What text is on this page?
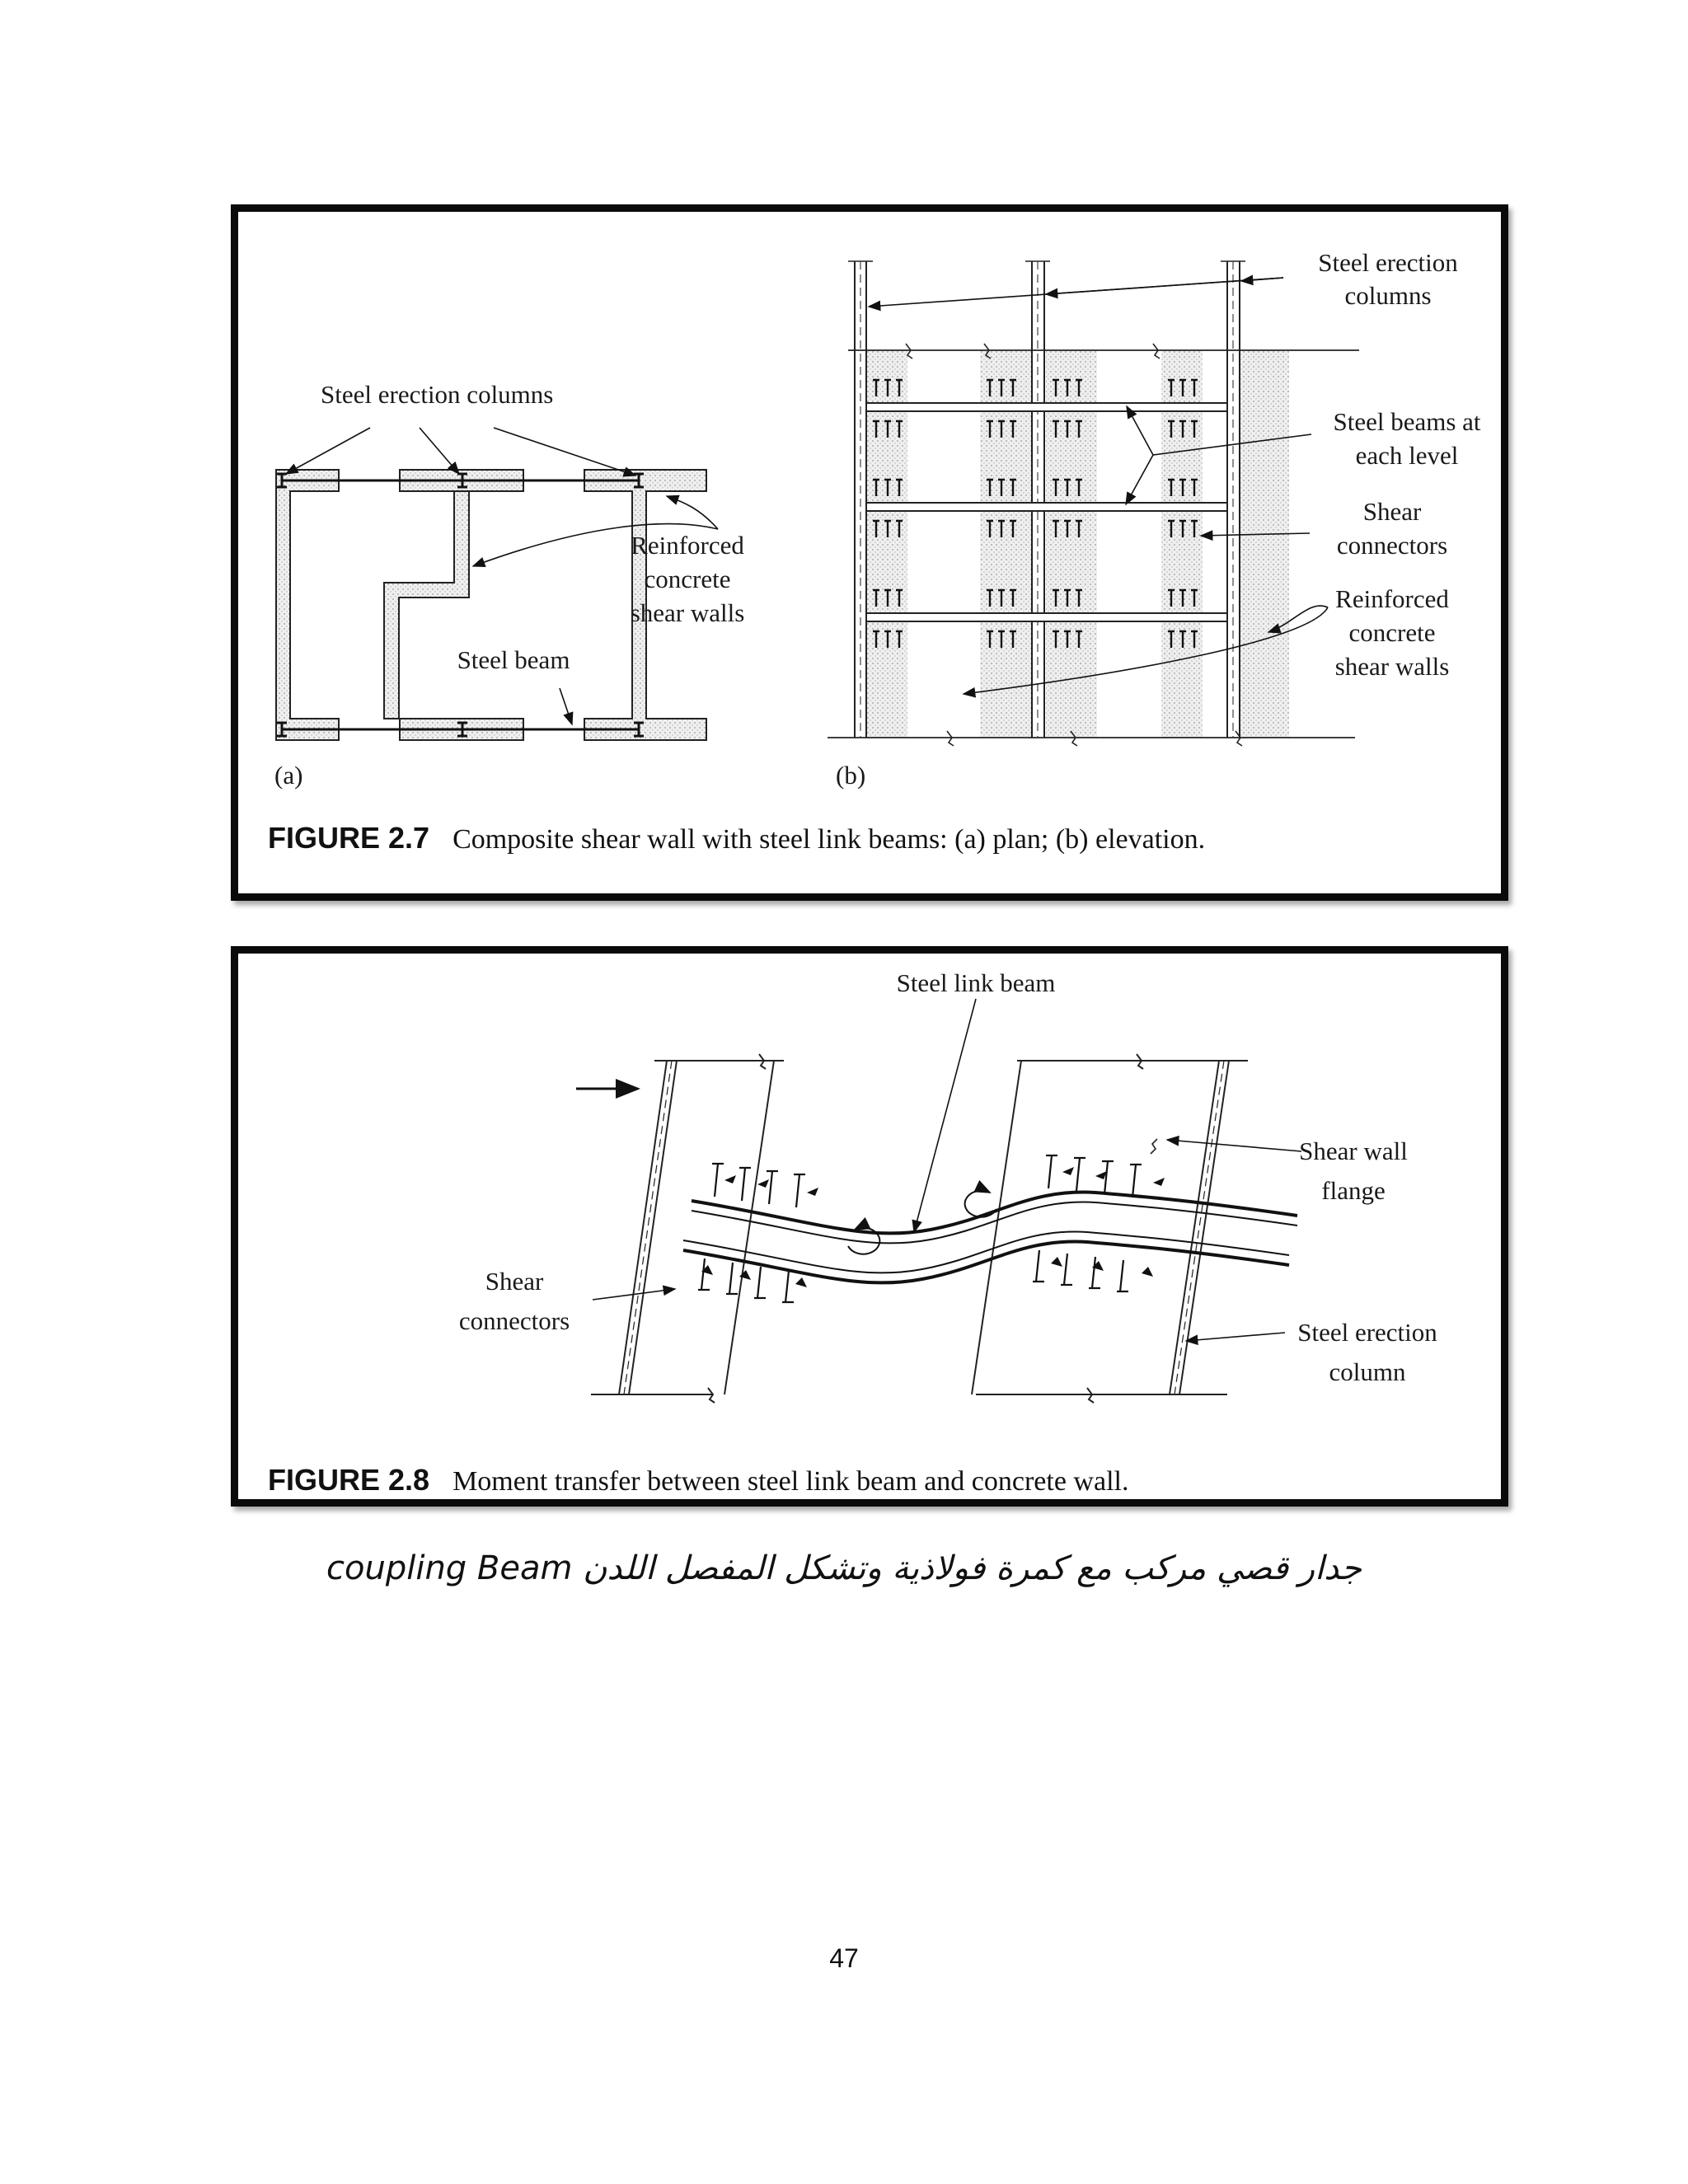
Steel erection columns
Reinforced
concrete
shear walls
Steel beam
(a)
Steel erection
columns
Steel beams at
each level
Shear
connectors
Reinforced
concrete
shear walls
(b)
FIGURE 2.7 Composite shear wall with steel link beams: (a) plan; (b) elevation.
Steel link beam
Shear wall
flange
Shear
connectors	Steel erection
column
FIGURE 2.8 Moment transfer between steel link beam and concrete wall.
جدار قصي مركب مع كمرة فولاذية وتشكل المفصل اللدن coupling Beam
47
